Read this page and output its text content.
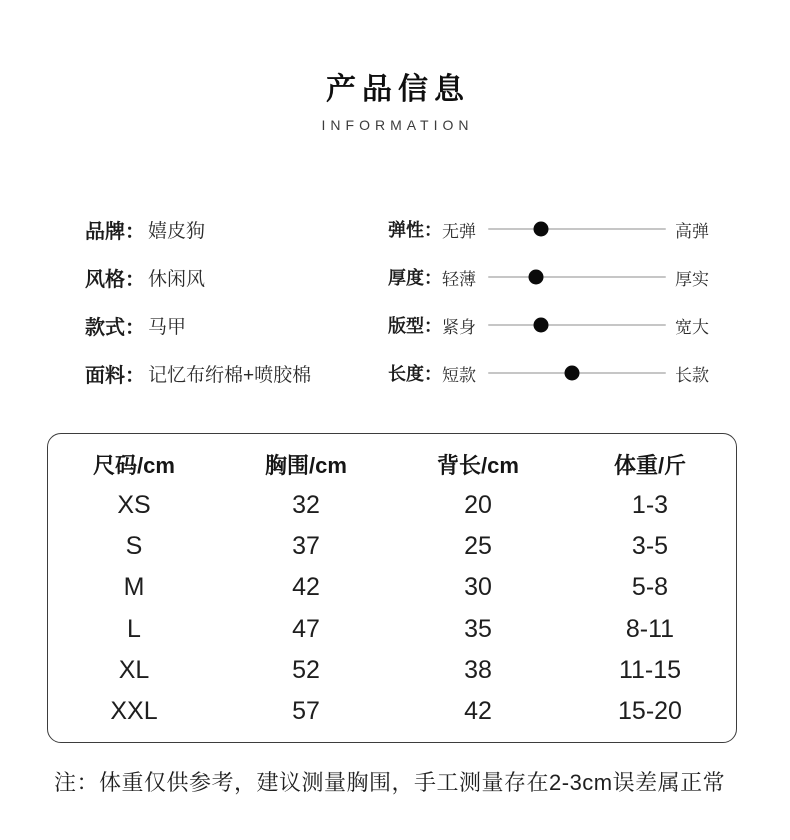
产品信息
INFORMATION
品牌： 嬉皮狗
风格： 休闲风
款式： 马甲
面料： 记忆布绗棉+喷胶棉
弹性： 无弹	高弹
厚度： 轻薄	厚实
版型： 紧身	宽大
长度： 短款	长款
尺码/cm	胸围/cm	背长/cm	体重/斤
XS	32	20	1-3
S	37	25	3-5
M	42	30	5-8
L	47	35	8-11
XL	52	38	11-15
XXL	57	42	15-20
注：体重仅供参考，建议测量胸围，手工测量存在2-3cm误差属正常
